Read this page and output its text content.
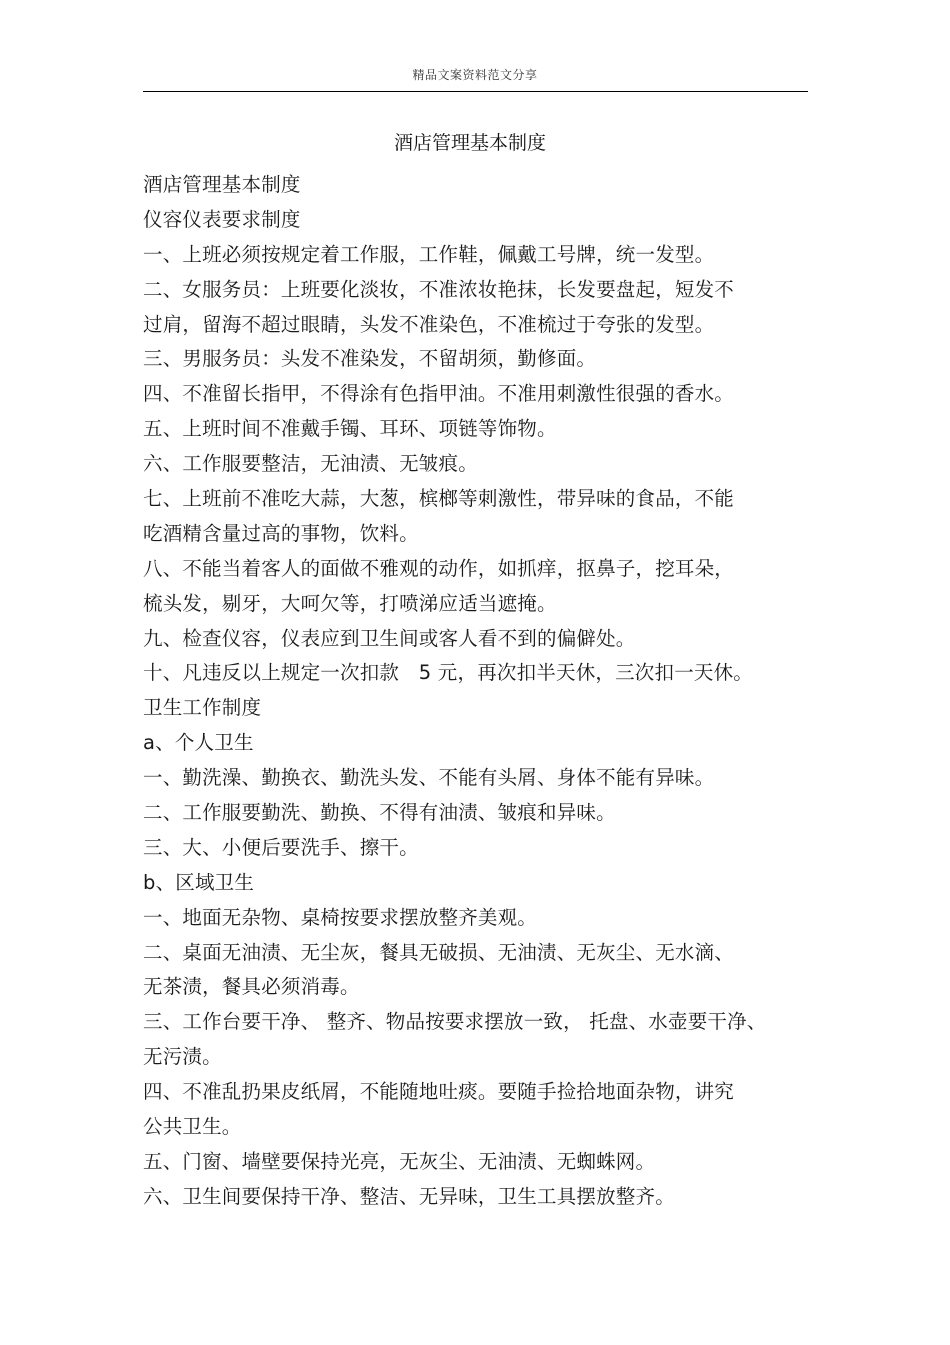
精品文案资料范文分享
酒店管理基本制度
酒店管理基本制度
仪容仪表要求制度
一、上班必须按规定着工作服，工作鞋，佩戴工号牌，统一发型。
二、女服务员：上班要化淡妆，不准浓妆艳抹，长发要盘起，短发不
过肩，留海不超过眼睛，头发不准染色，不准梳过于夸张的发型。
三、男服务员：头发不准染发，不留胡须，勤修面。
四、不准留长指甲，不得涂有色指甲油。不准用刺激性很强的香水。
五、上班时间不准戴手镯、耳环、项链等饰物。
六、工作服要整洁，无油渍、无皱痕。
七、上班前不准吃大蒜，大葱，槟榔等刺激性，带异味的食品，不能
吃酒精含量过高的事物，饮料。
八、不能当着客人的面做不雅观的动作，如抓痒，抠鼻子，挖耳朵，
梳头发，剔牙，大呵欠等，打喷涕应适当遮掩。
九、检查仪容，仪表应到卫生间或客人看不到的偏僻处。
十、凡违反以上规定一次扣款　5 元，再次扣半天休，三次扣一天休。
卫生工作制度
a、个人卫生
一、勤洗澡、勤换衣、勤洗头发、不能有头屑、身体不能有异味。
二、工作服要勤洗、勤换、不得有油渍、皱痕和异味。
三、大、小便后要洗手、擦干。
b、区域卫生
一、地面无杂物、桌椅按要求摆放整齐美观。
二、桌面无油渍、无尘灰，餐具无破损、无油渍、无灰尘、无水滴、
无茶渍，餐具必须消毒。
三、工作台要干净、 整齐、物品按要求摆放一致， 托盘、水壶要干净、
无污渍。
四、不准乱扔果皮纸屑，不能随地吐痰。要随手捡拾地面杂物，讲究
公共卫生。
五、门窗、墙壁要保持光亮，无灰尘、无油渍、无蜘蛛网。
六、卫生间要保持干净、整洁、无异味，卫生工具摆放整齐。
